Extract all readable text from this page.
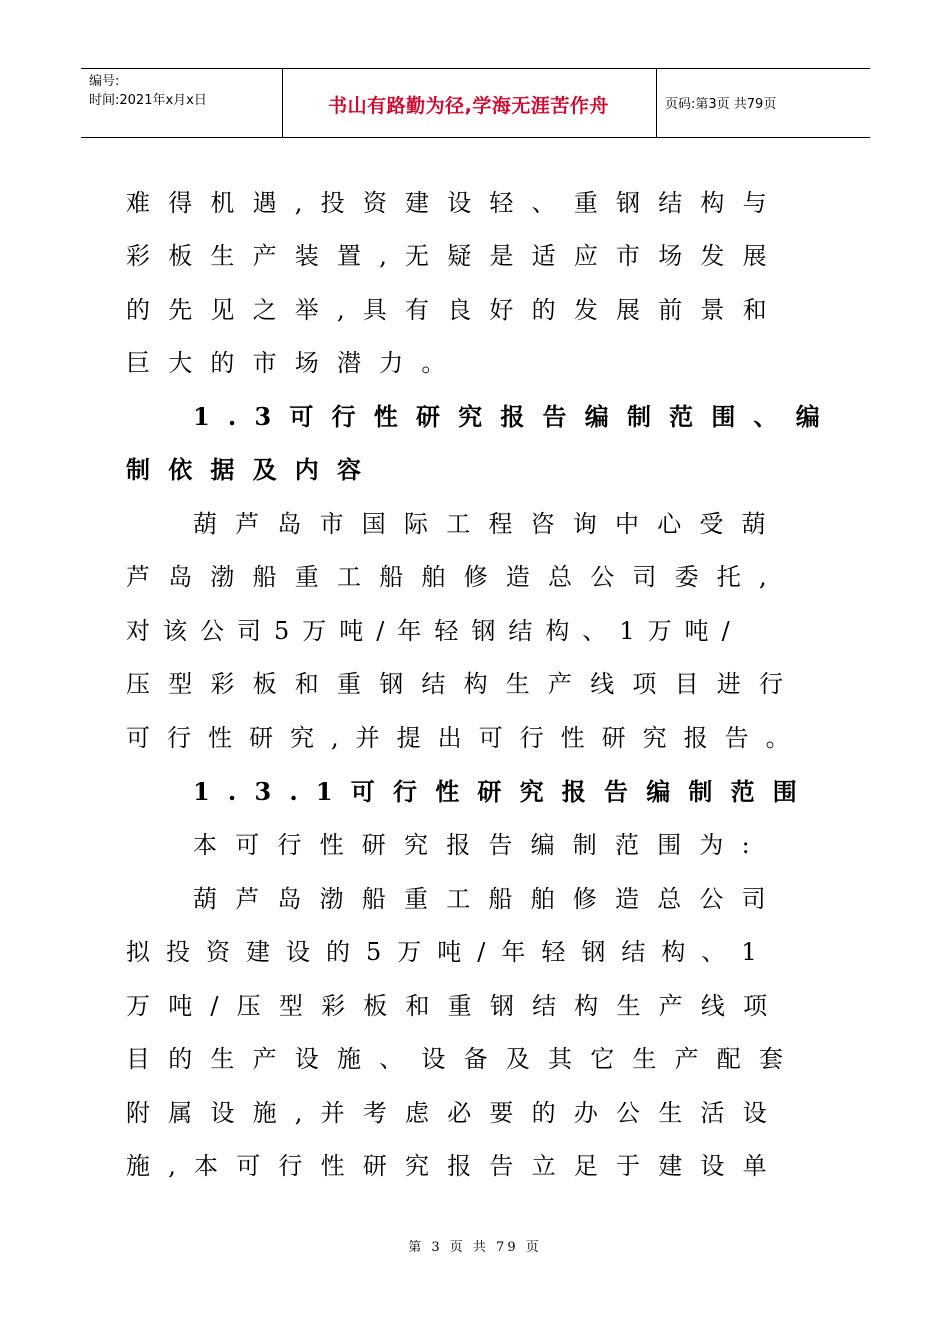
编号:
时间:2021年x月x日	书山有路勤为径,学海无涯苦作舟	页码:第3页 共79页
难得机遇,投资建设轻、重钢结构与
彩板生产装置,无疑是适应市场发展
的先见之举,具有良好的发展前景和
巨大的市场潜力。
1.3可行性研究报告编制范围、编
制依据及内容
葫芦岛市国际工程咨询中心受葫
芦岛渤船重工船舶修造总公司委托,
对该公司5万吨/年轻钢结构、1万吨/
压型彩板和重钢结构生产线项目进行
可行性研究,并提出可行性研究报告。
1.3.1可行性研究报告编制范围
本可行性研究报告编制范围为:
葫芦岛渤船重工船舶修造总公司
拟投资建设的5万吨/年轻钢结构、1
万吨/压型彩板和重钢结构生产线项
目的生产设施、设备及其它生产配套
附属设施,并考虑必要的办公生活设
施,本可行性研究报告立足于建设单
第 3 页 共 79 页
